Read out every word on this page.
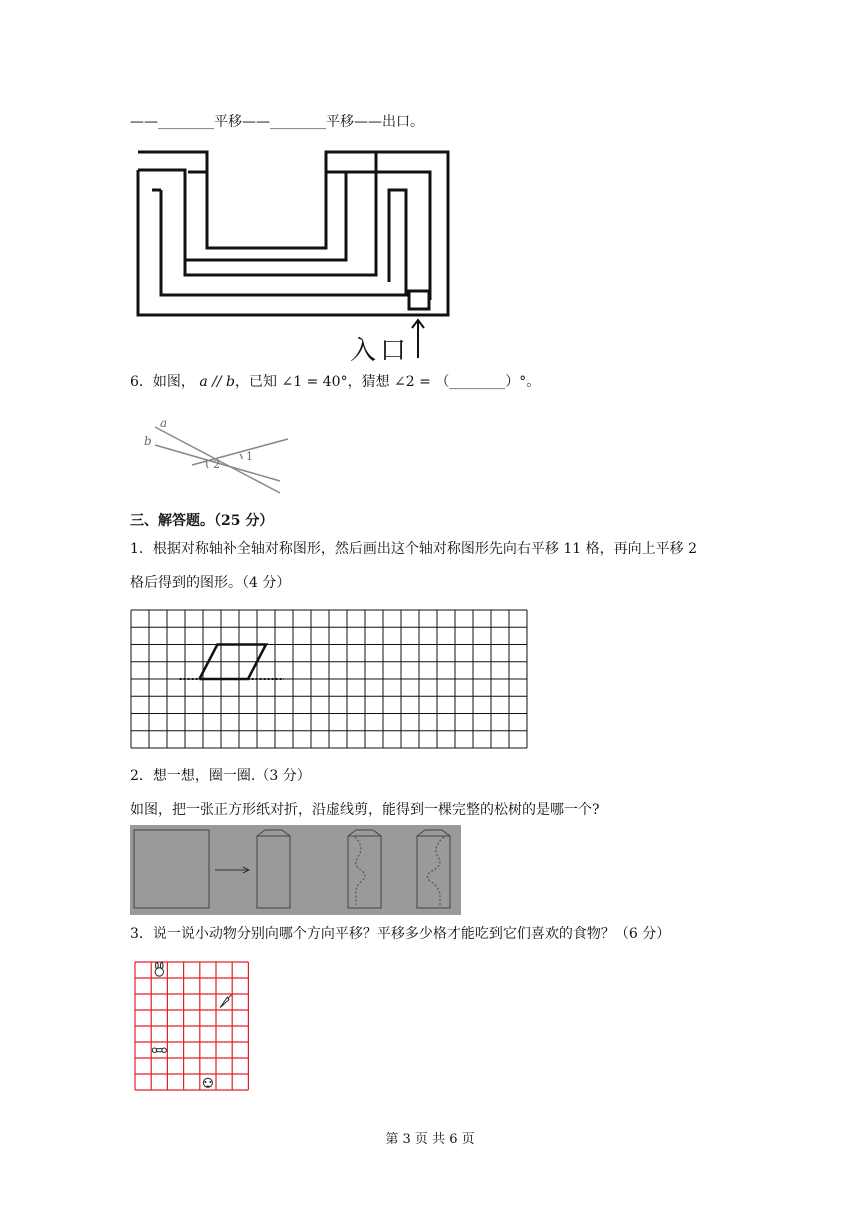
——________平移——________平移——出口。
入口
6．如图， a // b，已知 ∠1 = 40°，猜想 ∠2 = （________）°。
a
b
1
2
三、解答题。（25 分）
1．根据对称轴补全轴对称图形，然后画出这个轴对称图形先向右平移 11 格，再向上平移 2
格后得到的图形。（4 分）
2．想一想，圈一圈.（3 分）
如图，把一张正方形纸对折，沿虚线剪，能得到一棵完整的松树的是哪一个?
3．说一说小动物分别向哪个方向平移？平移多少格才能吃到它们喜欢的食物？（6 分）
第 3 页 共 6 页
